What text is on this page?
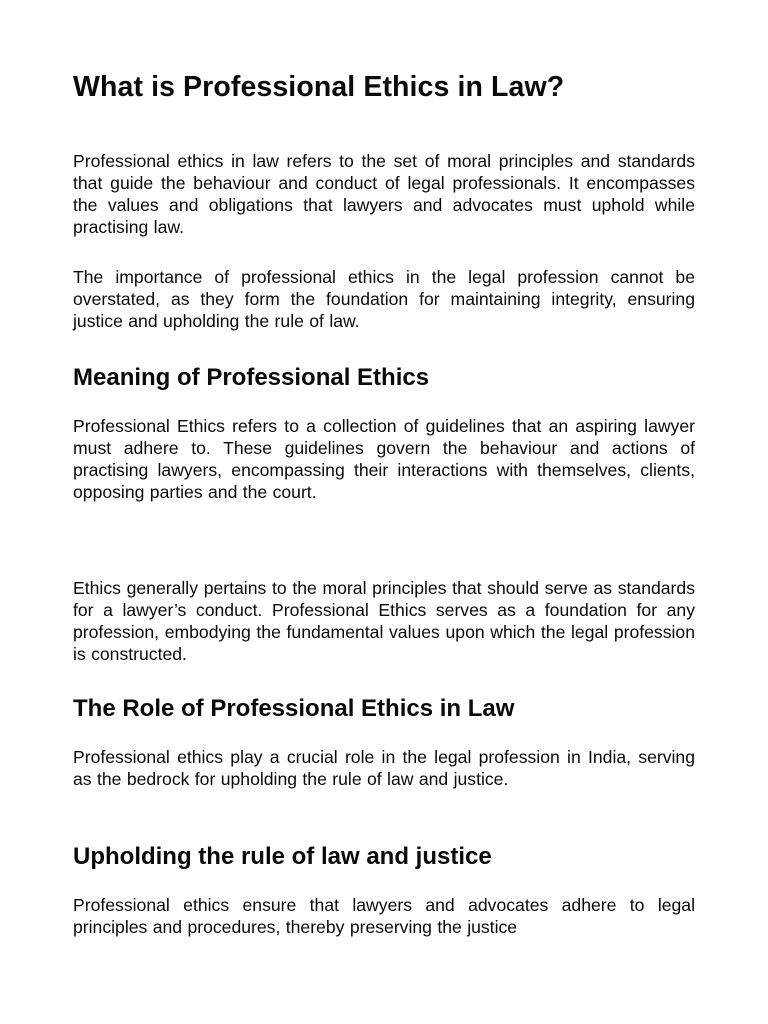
What is Professional Ethics in Law?

Professional ethics in law refers to the set of moral principles and standards that guide the behaviour and conduct of legal professionals. It encompasses the values and obligations that lawyers and advocates must uphold while practising law.

The importance of professional ethics in the legal profession cannot be overstated, as they form the foundation for maintaining integrity, ensuring justice and upholding the rule of law.

Meaning of Professional Ethics

Professional Ethics refers to a collection of guidelines that an aspiring lawyer must adhere to. These guidelines govern the behaviour and actions of practising lawyers, encompassing their interactions with themselves, clients, opposing parties and the court.

Ethics generally pertains to the moral principles that should serve as standards for a lawyer’s conduct. Professional Ethics serves as a foundation for any profession, embodying the fundamental values upon which the legal profession is constructed.

The Role of Professional Ethics in Law

Professional ethics play a crucial role in the legal profession in India, serving as the bedrock for upholding the rule of law and justice.

Upholding the rule of law and justice

Professional ethics ensure that lawyers and advocates adhere to legal principles and procedures, thereby preserving the justice
